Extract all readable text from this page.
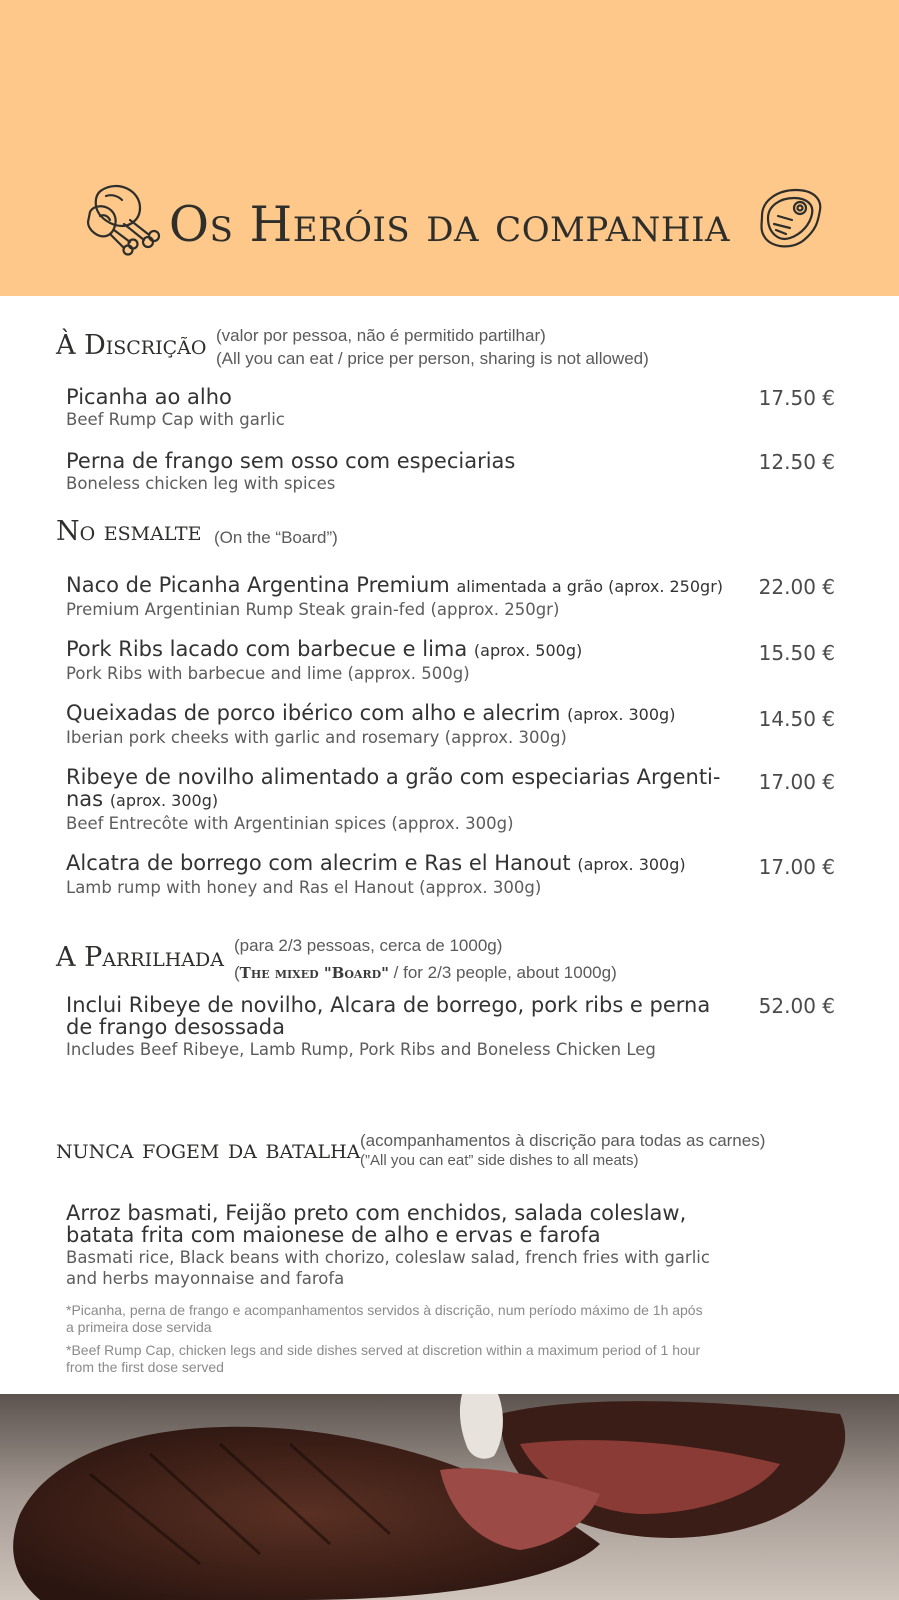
Os Heróis da companhia
À Discrição (valor por pessoa, não é permitido partilhar)
(All you can eat / price per person, sharing is not allowed)
Picanha ao alho
Beef Rump Cap with garlic
17.50 €
Perna de frango sem osso com especiarias
Boneless chicken leg with spices
12.50 €
No esmalte (On the “Board”)
Naco de Picanha Argentina Premium alimentada a grão (aprox. 250gr)
Premium Argentinian Rump Steak grain-fed (approx. 250gr)
22.00 €
Pork Ribs lacado com barbecue e lima (aprox. 500g)
Pork Ribs with barbecue and lime (approx. 500g)
15.50 €
Queixadas de porco ibérico com alho e alecrim (aprox. 300g)
Iberian pork cheeks with garlic and rosemary (approx. 300g)
14.50 €
Ribeye de novilho alimentado a grão com especiarias Argenti-nas (aprox. 300g)
Beef Entrecôte with Argentinian spices (approx. 300g)
17.00 €
Alcatra de borrego com alecrim e Ras el Hanout (aprox. 300g)
Lamb rump with honey and Ras el Hanout (approx. 300g)
17.00 €
A Parrilhada (para 2/3 pessoas, cerca de 1000g)
(The mixed "Board" / for 2/3 people, about 1000g)
Inclui Ribeye de novilho, Alcara de borrego, pork ribs e perna de frango desossada
Includes Beef Ribeye, Lamb Rump, Pork Ribs and Boneless Chicken Leg
52.00 €
nunca fogem da batalha (acompanhamentos à discrição para todas as carnes)
(”All you can eat” side dishes to all meats)
Arroz basmati, Feijão preto com enchidos, salada coleslaw, batata frita com maionese de alho e ervas e farofa
Basmati rice, Black beans with chorizo, coleslaw salad, french fries with garlic and herbs mayonnaise and farofa
*Picanha, perna de frango e acompanhamentos servidos à discrição, num período máximo de 1h após a primeira dose servida
*Beef Rump Cap, chicken legs and side dishes served at discretion within a maximum period of 1 hour from the first dose served
